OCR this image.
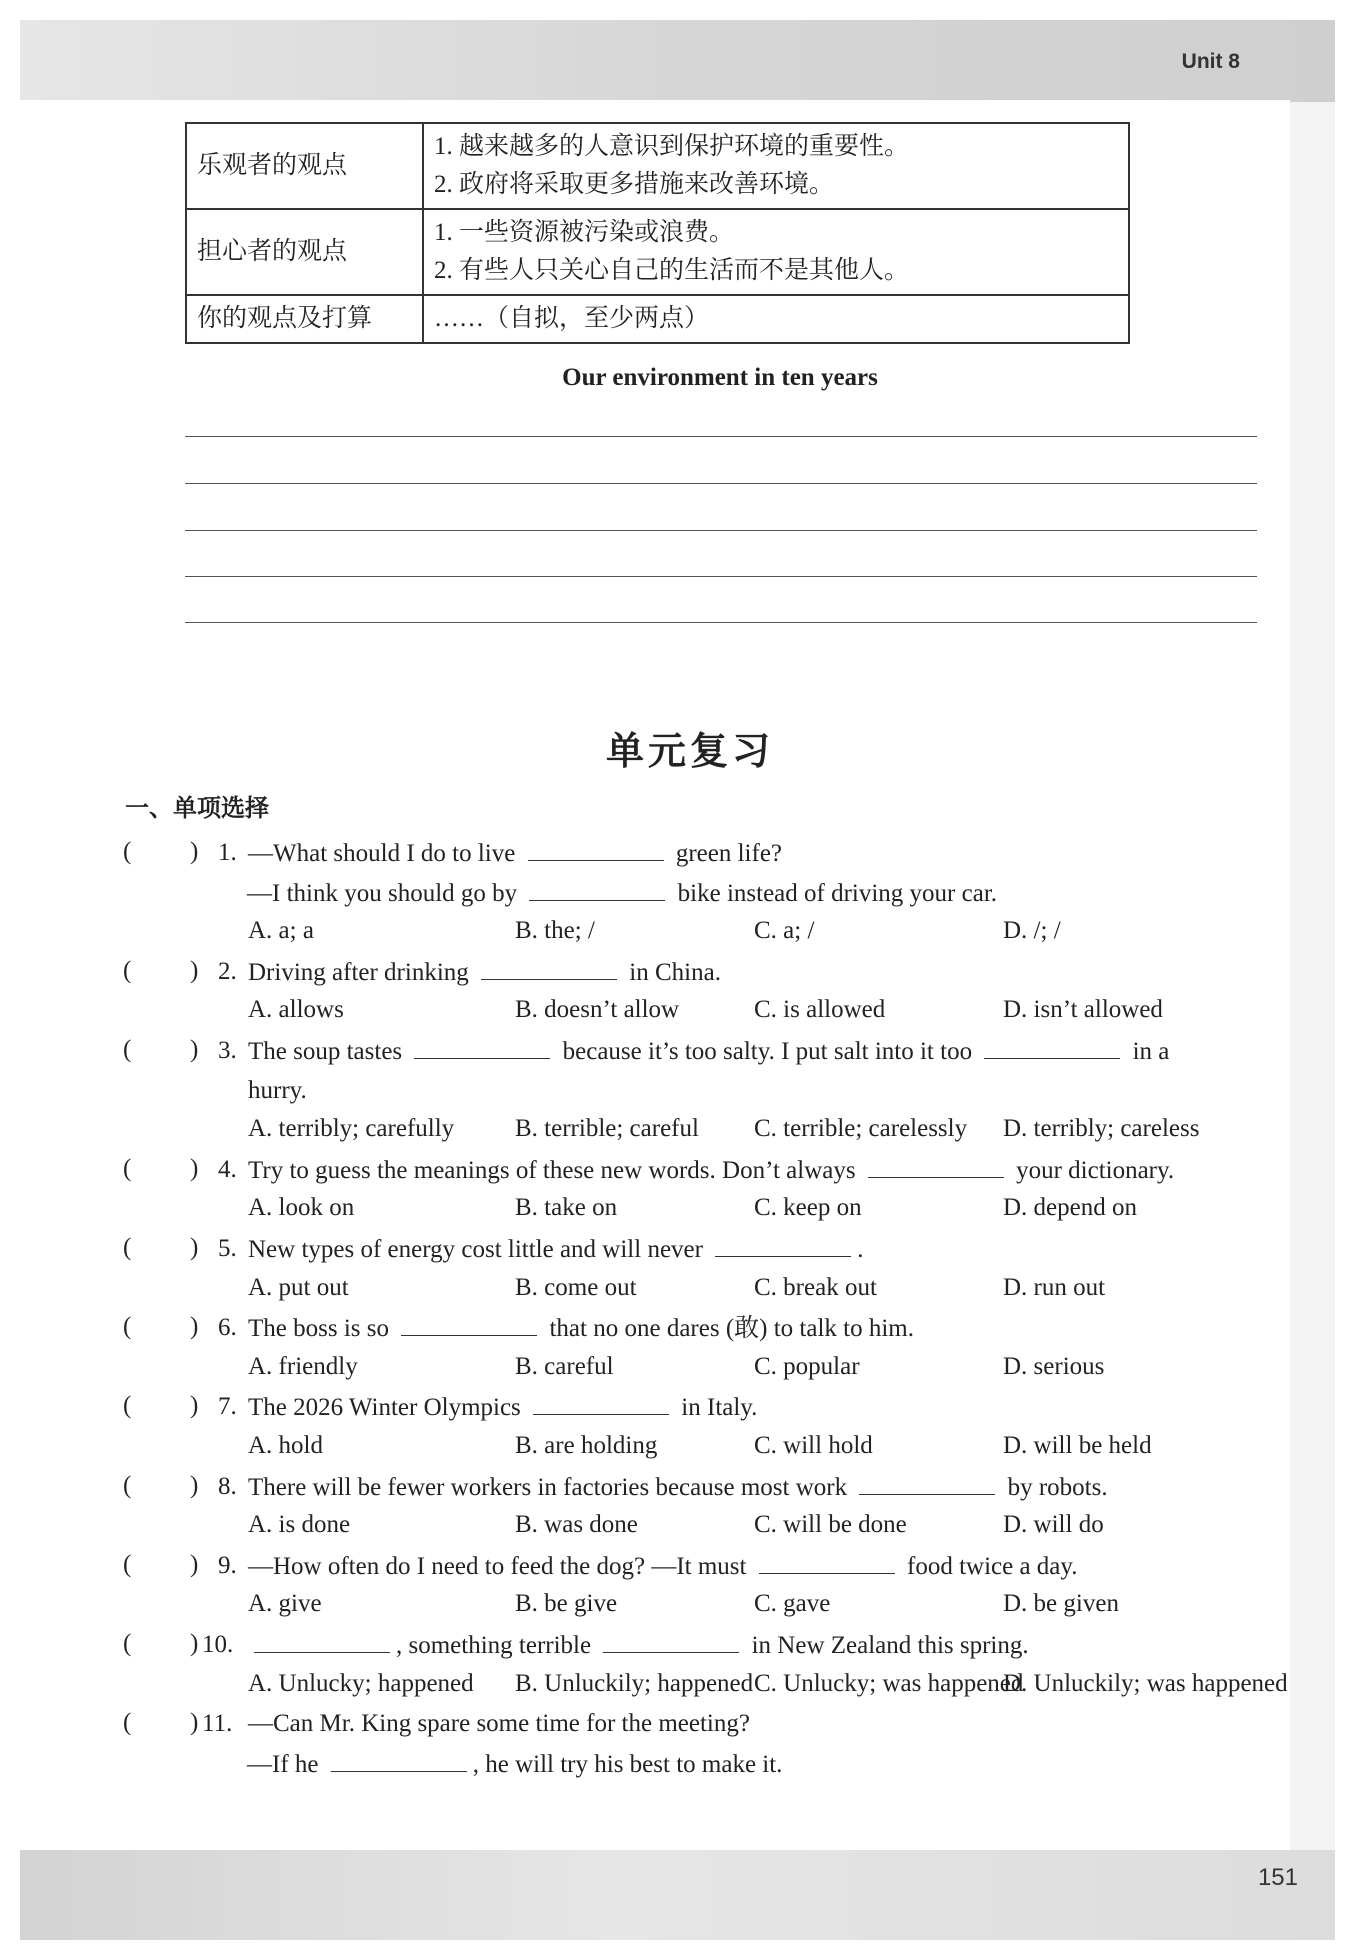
Unit 8
151
乐观者的观点	1. 越来越多的人意识到保护环境的重要性。
2. 政府将采取更多措施来改善环境。

担心者的观点	1. 一些资源被污染或浪费。
2. 有些人只关心自己的生活而不是其他人。

你的观点及打算	……（自拟，至少两点）
Our environment in ten years
单元复习
一、单项选择
( ) 1. —What should I do to live	green life?
—I think you should go by	bike instead of driving your car.
A. a; a	B. the; /	C. a; /	D. /; /
( ) 2. Driving after drinking	in China.
A. allows	B. doesn’t allow	C. is allowed	D. isn’t allowed
( ) 3. The soup tastes	because it’s too salty. I put salt into it too	in a
hurry.
A. terribly; carefully B. terrible; careful C. terrible; carelessly D. terribly; careless
( ) 4. Try to guess the meanings of these new words. Don’t always	your dictionary.
A. look on	B. take on	C. keep on	D. depend on
( ) 5. New types of energy cost little and will never	.
A. put out	B. come out	C. break out	D. run out
( ) 6. The boss is so	that no one dares (敢) to talk to him.
A. friendly	B. careful	C. popular	D. serious
( ) 7. The 2026 Winter Olympics	in Italy.
A. hold	B. are holding	C. will hold	D. will be held
( ) 8. There will be fewer workers in factories because most work	by robots.
A. is done	B. was done	C. will be done	D. will do
( ) 9. —How often do I need to feed the dog? —It must	food twice a day.
A. give	B. be give	C. gave	D. be given
( ) 10.	, something terrible	in New Zealand this spring.
A. Unlucky; happened B. Unluckily; happened C. Unlucky; was happened
D. Unluckily; was happened
( ) 11. —Can Mr. King spare some time for the meeting?
—If he	, he will try his best to make it.
